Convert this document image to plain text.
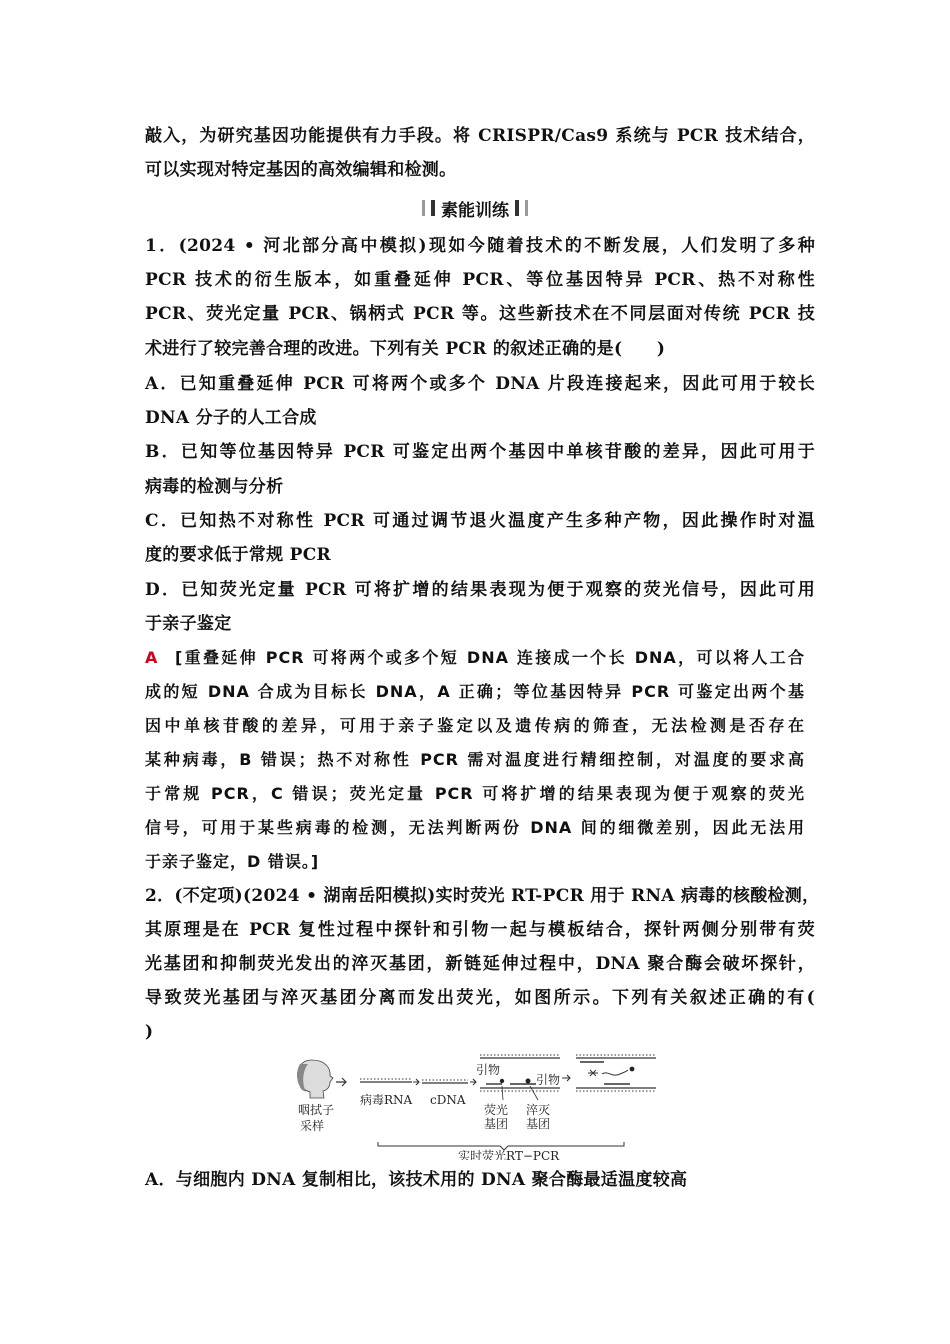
敲入，为研究基因功能提供有力手段。将 CRISPR/Cas9 系统与 PCR 技术结合，
可以实现对特定基因的高效编辑和检测。
素能训练
1．(2024 • 河北部分高中模拟)现如今随着技术的不断发展，人们发明了多种
PCR 技术的衍生版本，如重叠延伸 PCR、等位基因特异 PCR、热不对称性
PCR、荧光定量 PCR、锅柄式 PCR 等。这些新技术在不同层面对传统 PCR 技
术进行了较完善合理的改进。下列有关 PCR 的叙述正确的是(　　)
A．已知重叠延伸 PCR 可将两个或多个 DNA 片段连接起来，因此可用于较长
DNA 分子的人工合成
B．已知等位基因特异 PCR 可鉴定出两个基因中单核苷酸的差异，因此可用于
病毒的检测与分析
C．已知热不对称性 PCR 可通过调节退火温度产生多种产物，因此操作时对温
度的要求低于常规 PCR
D．已知荧光定量 PCR 可将扩增的结果表现为便于观察的荧光信号，因此可用
于亲子鉴定
A	[重叠延伸 PCR 可将两个或多个短 DNA 连接成一个长 DNA，可以将人工合
成的短 DNA 合成为目标长 DNA，A 正确；等位基因特异 PCR 可鉴定出两个基
因中单核苷酸的差异，可用于亲子鉴定以及遗传病的筛查，无法检测是否存在
某种病毒，B 错误；热不对称性 PCR 需对温度进行精细控制，对温度的要求高
于常规 PCR，C 错误；荧光定量 PCR 可将扩增的结果表现为便于观察的荧光
信号，可用于某些病毒的检测，无法判断两份 DNA 间的细微差别，因此无法用
于亲子鉴定，D 错误。]
2．(不定项)(2024 • 湖南岳阳模拟)实时荧光 RT-PCR 用于 RNA 病毒的核酸检测，
其原理是在 PCR 复性过程中探针和引物一起与模板结合，探针两侧分别带有荧
光基团和抑制荧光发出的淬灭基团，新链延伸过程中，DNA 聚合酶会破坏探针，
导致荧光基团与淬灭基团分离而发出荧光，如图所示。下列有关叙述正确的有(
)
咽拭子
采样
病毒RNA cDNA
引物
荧光
基团
淬灭
基团
引物
实时荧光RT−PCR
A．与细胞内 DNA 复制相比，该技术用的 DNA 聚合酶最适温度较高
